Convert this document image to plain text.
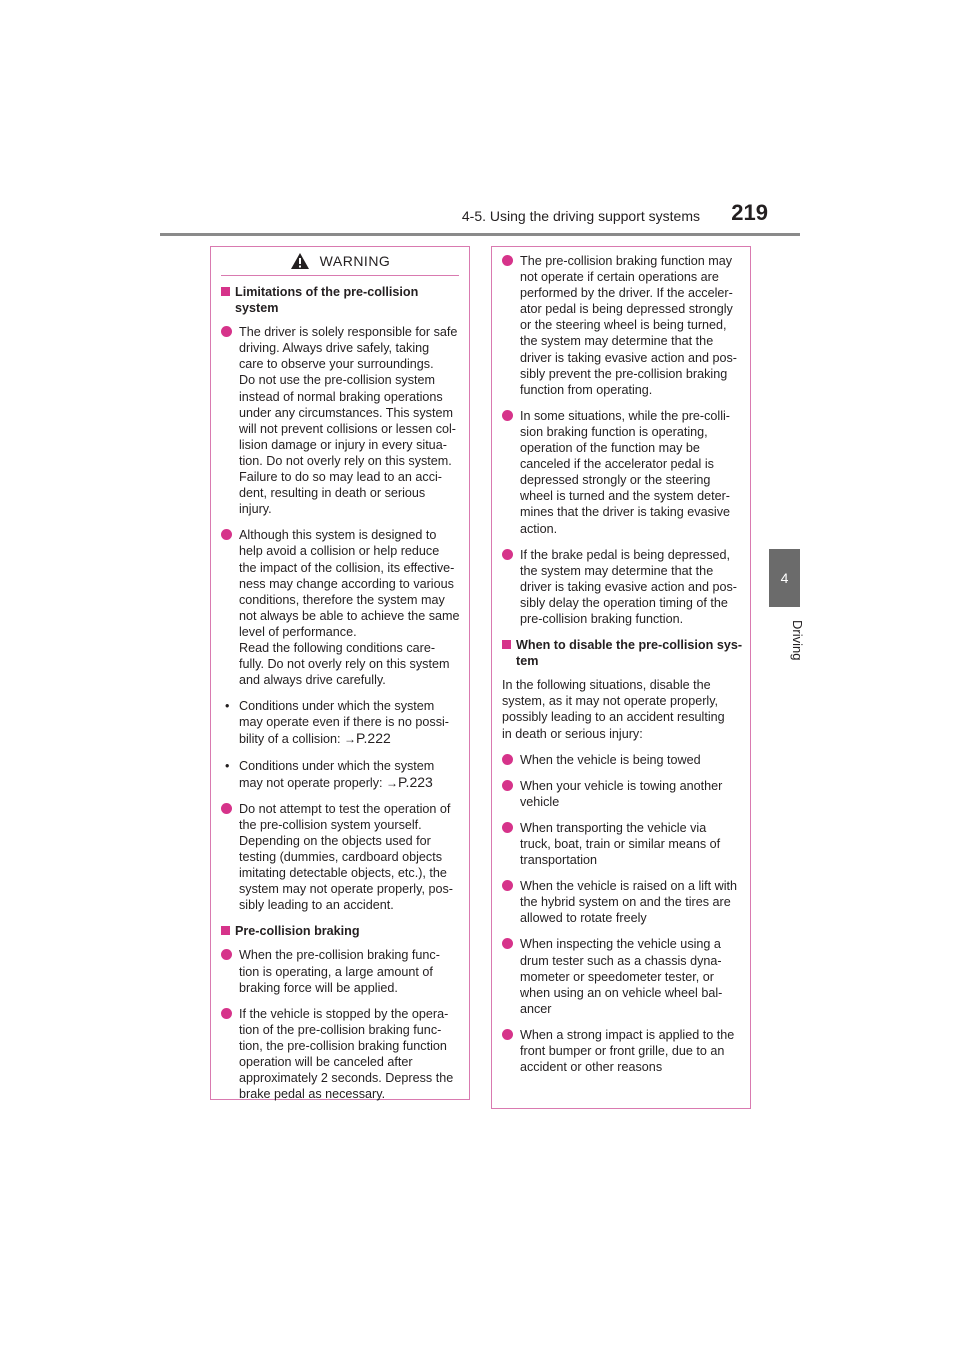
4-5. Using the driving support systems	219
4
Driving
WARNING
Limitations of the pre-collision system
The driver is solely responsible for safe
driving. Always drive safely, taking
care to observe your surroundings.
Do not use the pre-collision system
instead of normal braking operations
under any circumstances. This system
will not prevent collisions or lessen col-
lision damage or injury in every situa-
tion. Do not overly rely on this system.
Failure to do so may lead to an acci-
dent, resulting in death or serious
injury.
Although this system is designed to
help avoid a collision or help reduce
the impact of the collision, its effective-
ness may change according to various
conditions, therefore the system may
not always be able to achieve the same
level of performance.
Read the following conditions care-
fully. Do not overly rely on this system
and always drive carefully.
• Conditions under which the system
may operate even if there is no possi-
bility of a collision: →P.222
• Conditions under which the system
may not operate properly: →P.223
Do not attempt to test the operation of
the pre-collision system yourself.
Depending on the objects used for
testing (dummies, cardboard objects
imitating detectable objects, etc.), the
system may not operate properly, pos-
sibly leading to an accident.
Pre-collision braking
When the pre-collision braking func-
tion is operating, a large amount of
braking force will be applied.
If the vehicle is stopped by the opera-
tion of the pre-collision braking func-
tion, the pre-collision braking function
operation will be canceled after
approximately 2 seconds. Depress the
brake pedal as necessary.
The pre-collision braking function may
not operate if certain operations are
performed by the driver. If the acceler-
ator pedal is being depressed strongly
or the steering wheel is being turned,
the system may determine that the
driver is taking evasive action and pos-
sibly prevent the pre-collision braking
function from operating.
In some situations, while the pre-colli-
sion braking function is operating,
operation of the function may be
canceled if the accelerator pedal is
depressed strongly or the steering
wheel is turned and the system deter-
mines that the driver is taking evasive
action.
If the brake pedal is being depressed,
the system may determine that the
driver is taking evasive action and pos-
sibly delay the operation timing of the
pre-collision braking function.
When to disable the pre-collision sys-
tem
In the following situations, disable the
system, as it may not operate properly,
possibly leading to an accident resulting
in death or serious injury:
When the vehicle is being towed
When your vehicle is towing another
vehicle
When transporting the vehicle via
truck, boat, train or similar means of
transportation
When the vehicle is raised on a lift with
the hybrid system on and the tires are
allowed to rotate freely
When inspecting the vehicle using a
drum tester such as a chassis dyna-
mometer or speedometer tester, or
when using an on vehicle wheel bal-
ancer
When a strong impact is applied to the
front bumper or front grille, due to an
accident or other reasons
